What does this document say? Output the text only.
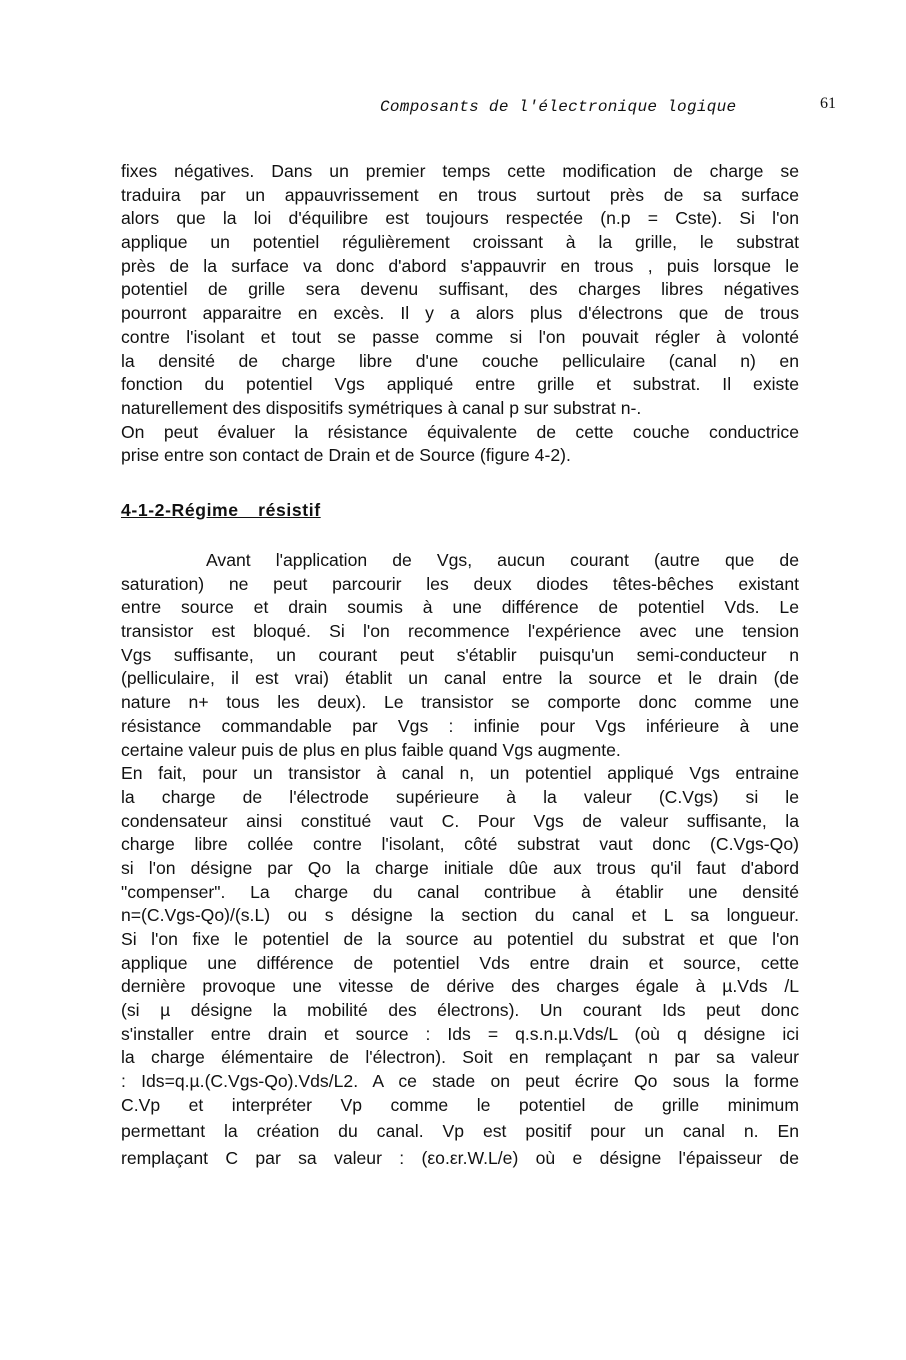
Composants de l'électronique logique	61
fixes négatives. Dans un premier temps cette modification de charge se
traduira par un appauvrissement en trous surtout près de sa surface
alors que la loi d'équilibre est toujours respectée (n.p = Cste). Si l'on
applique un potentiel régulièrement croissant à la grille, le substrat
près de la surface va donc d'abord s'appauvrir en trous , puis lorsque le
potentiel de grille sera devenu suffisant, des charges libres négatives
pourront apparaitre en excès. Il y a alors plus d'électrons que de trous
contre l'isolant et tout se passe comme si l'on pouvait régler à volonté
la densité de charge libre d'une couche pelliculaire (canal n) en
fonction du potentiel Vgs appliqué entre grille et substrat. Il existe
naturellement des dispositifs symétriques à canal p sur substrat n-.
On peut évaluer la résistance équivalente de cette couche conductrice
prise entre son contact de Drain et de Source (figure 4-2).
4-1-2-Régime résistif
Avant l'application de Vgs, aucun courant (autre que de
saturation) ne peut parcourir les deux diodes têtes-bêches existant
entre source et drain soumis à une différence de potentiel Vds. Le
transistor est bloqué. Si l'on recommence l'expérience avec une tension
Vgs suffisante, un courant peut s'établir puisqu'un semi-conducteur n
(pelliculaire, il est vrai) établit un canal entre la source et le drain (de
nature n+ tous les deux). Le transistor se comporte donc comme une
résistance commandable par Vgs : infinie pour Vgs inférieure à une
certaine valeur puis de plus en plus faible quand Vgs augmente.
En fait, pour un transistor à canal n, un potentiel appliqué Vgs entraine
la charge de l'électrode supérieure à la valeur (C.Vgs) si le
condensateur ainsi constitué vaut C. Pour Vgs de valeur suffisante, la
charge libre collée contre l'isolant, côté substrat vaut donc (C.Vgs-Qo)
si l'on désigne par Qo la charge initiale dûe aux trous qu'il faut d'abord
"compenser". La charge du canal contribue à établir une densité
n=(C.Vgs-Qo)/(s.L) ou s désigne la section du canal et L sa longueur.
Si l'on fixe le potentiel de la source au potentiel du substrat et que l'on
applique une différence de potentiel Vds entre drain et source, cette
dernière provoque une vitesse de dérive des charges égale à µ.Vds /L
(si µ désigne la mobilité des électrons). Un courant Ids peut donc
s'installer entre drain et source : Ids = q.s.n.µ.Vds/L (où q désigne ici
la charge élémentaire de l'électron). Soit en remplaçant n par sa valeur
: Ids=q.µ.(C.Vgs-Qo).Vds/L2. A ce stade on peut écrire Qo sous la forme
C.Vp et interpréter Vp comme le potentiel de grille minimum
permettant la création du canal. Vp est positif pour un canal n. En
remplaçant C par sa valeur : (εo.εr.W.L/e) où e désigne l'épaisseur de
